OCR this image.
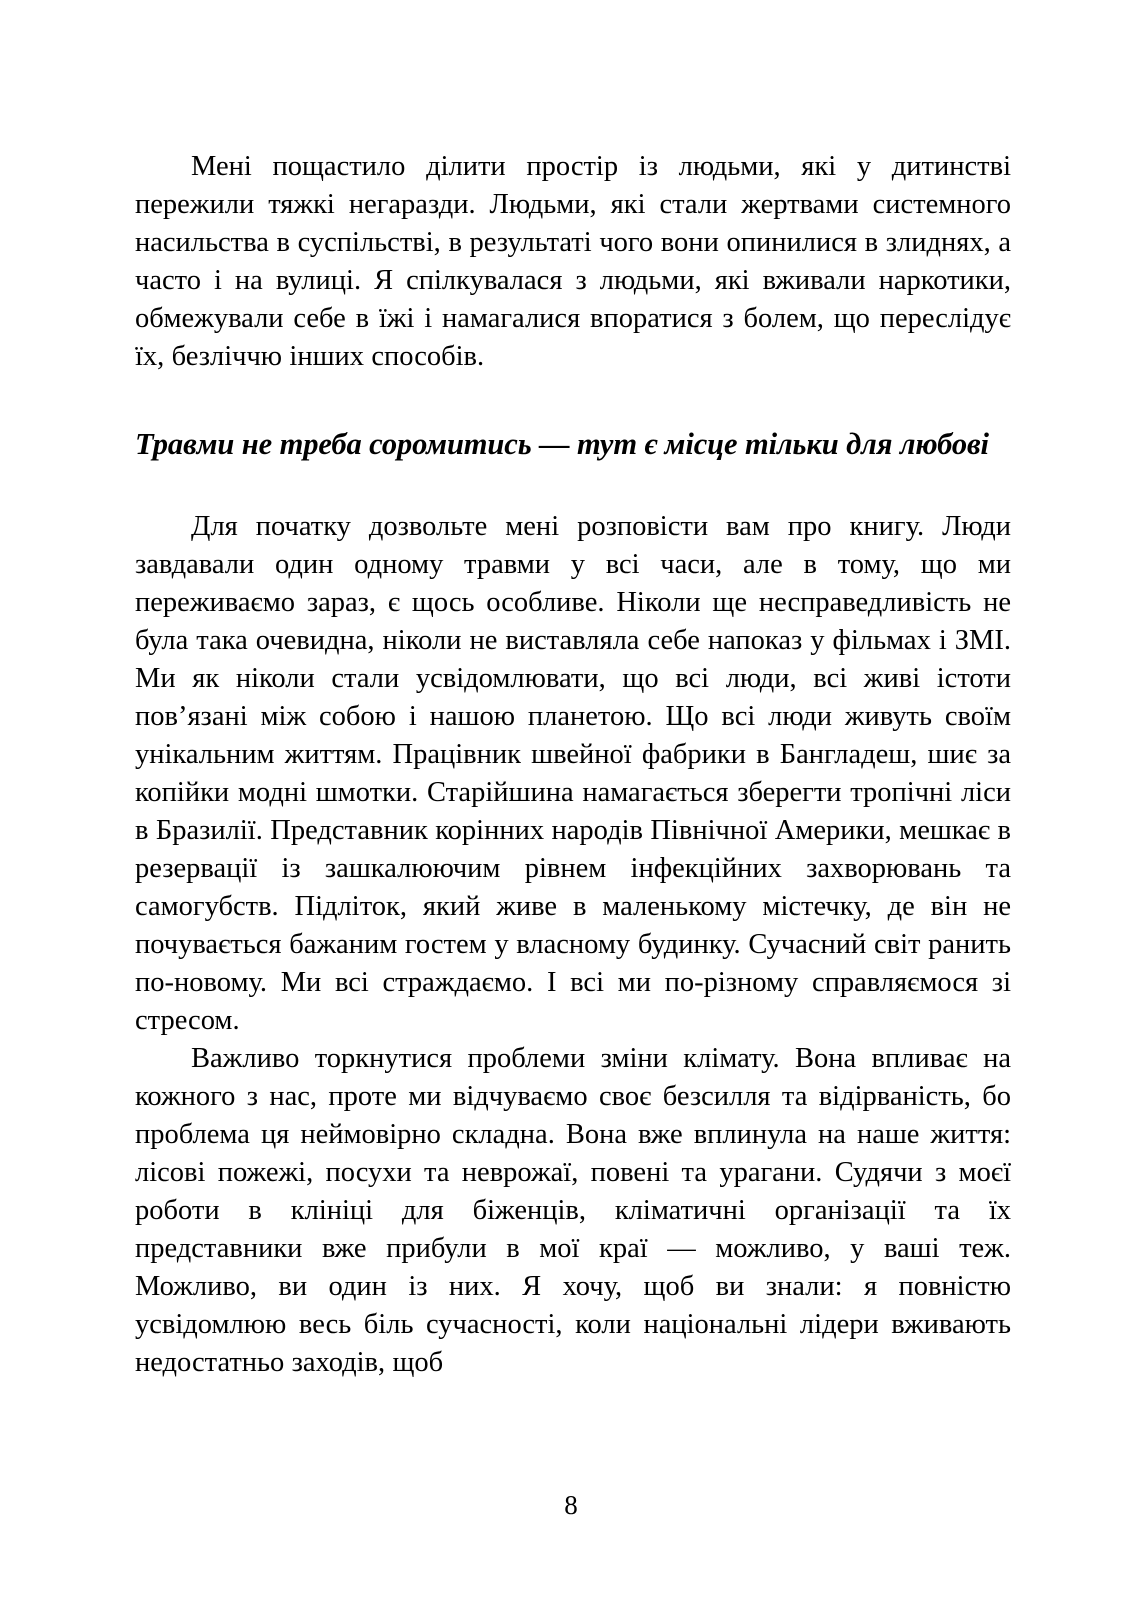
Мені пощастило ділити простір із людьми, які у дитинстві пережили тяжкі негаразди. Людьми, які стали жертвами системного насильства в суспільстві, в результаті чого вони опинилися в злиднях, а часто і на вулиці. Я спілкувалася з людьми, які вживали наркотики, обмежували себе в їжі і намагалися впоратися з болем, що переслідує їх, безліччю інших способів.

Травми не треба соромитись — тут є місце тільки для любові

Для початку дозвольте мені розповісти вам про книгу. Люди завдавали один одному травми у всі часи, але в тому, що ми переживаємо зараз, є щось особливе. Ніколи ще несправедливість не була така очевидна, ніколи не виставляла себе напоказ у фільмах і ЗМІ. Ми як ніколи стали усвідомлювати, що всі люди, всі живі істоти пов’язані між собою і нашою планетою. Що всі люди живуть своїм унікальним життям. Працівник швейної фабрики в Бангладеш, шиє за копійки модні шмотки. Старійшина намагається зберегти тропічні ліси в Бразилії. Представник корінних народів Північної Америки, мешкає в резервації із зашкалюючим рівнем інфекційних захворювань та самогубств. Підліток, який живе в маленькому містечку, де він не почувається бажаним гостем у власному будинку. Сучасний світ ранить по-новому. Ми всі страждаємо. І всі ми по-різному справляємося зі стресом.

Важливо торкнутися проблеми зміни клімату. Вона впливає на кожного з нас, проте ми відчуваємо своє безсилля та відірваність, бо проблема ця неймовірно складна. Вона вже вплинула на наше життя: лісові пожежі, посухи та неврожаї, повені та урагани. Судячи з моєї роботи в клініці для біженців, кліматичні організації та їх представники вже прибули в мої краї — можливо, у ваші теж. Можливо, ви один із них. Я хочу, щоб ви знали: я повністю усвідомлюю весь біль сучасності, коли національні лідери вживають недостатньо заходів, щоб

8
